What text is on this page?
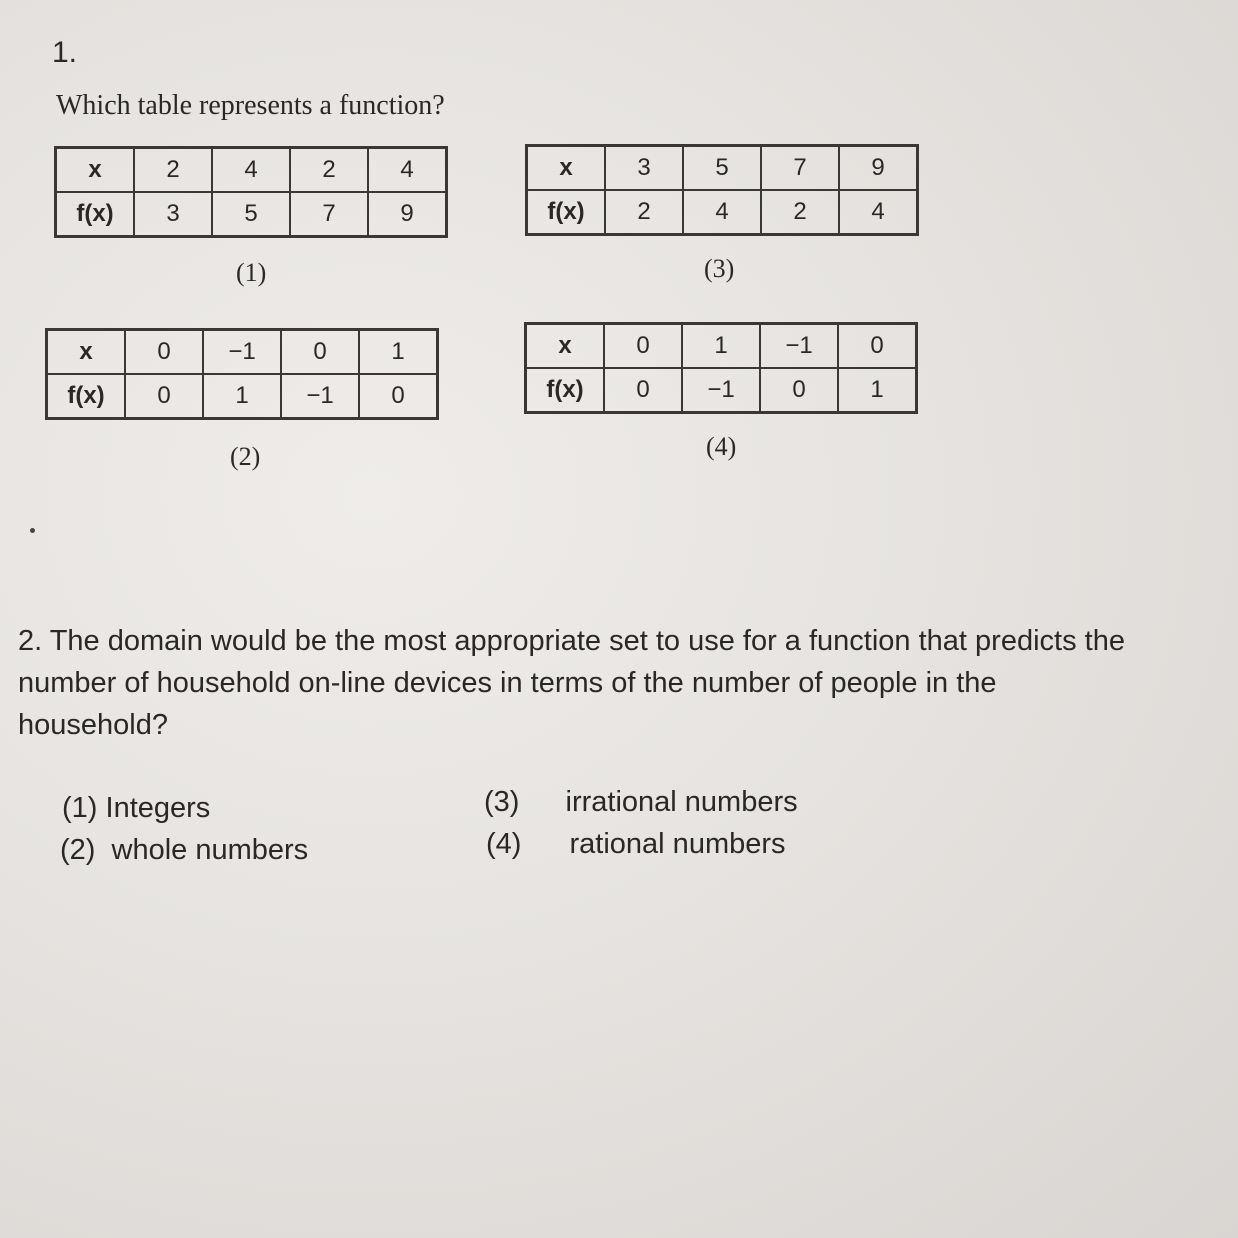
1.
Which table represents a function?
x	2	4	2	4
f(x)	3	5	7	9
(1)
x	3	5	7	9
f(x)	2	4	2	4
(3)
x	0	−1	0	1
f(x)	0	1	−1	0
(2)
x	0	1	−1	0
f(x)	0	−1	0	1
(4)
2. The domain would be the most appropriate set to use for a function that predicts the
number of household on-line devices in terms of the number of people in the
household?
(1) Integers
(2) whole numbers
(3) irrational numbers
(4) rational numbers
